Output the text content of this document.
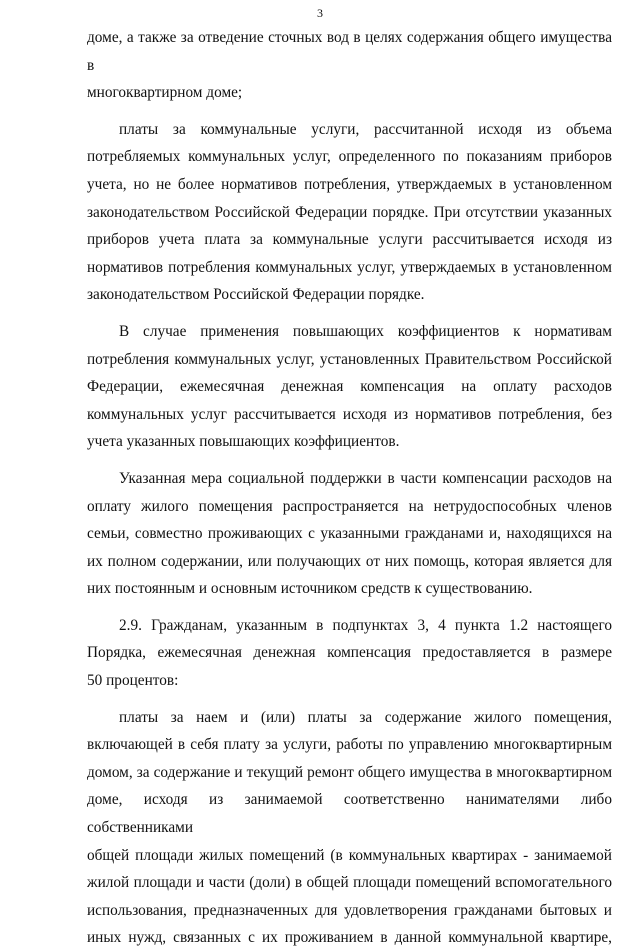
3

доме, а также за отведение сточных вод в целях содержания общего имущества в
многоквартирном доме;

платы за коммунальные услуги, рассчитанной исходя из объема
потребляемых коммунальных услуг, определенного по показаниям приборов
учета, но не более нормативов потребления, утверждаемых в установленном
законодательством Российской Федерации порядке. При отсутствии указанных
приборов учета плата за коммунальные услуги рассчитывается исходя из
нормативов потребления коммунальных услуг, утверждаемых в установленном
законодательством Российской Федерации порядке.

В случае применения повышающих коэффициентов к нормативам
потребления коммунальных услуг, установленных Правительством Российской
Федерации, ежемесячная денежная компенсация на оплату расходов
коммунальных услуг рассчитывается исходя из нормативов потребления, без
учета указанных повышающих коэффициентов.

Указанная мера социальной поддержки в части компенсации расходов на
оплату жилого помещения распространяется на нетрудоспособных членов
семьи, совместно проживающих с указанными гражданами и, находящихся на
их полном содержании, или получающих от них помощь, которая является для
них постоянным и основным источником средств к существованию.

2.9. Гражданам, указанным в подпунктах 3, 4 пункта 1.2 настоящего
Порядка, ежемесячная денежная компенсация предоставляется в размере
50 процентов:

платы за наем и (или) платы за содержание жилого помещения,
включающей в себя плату за услуги, работы по управлению многоквартирным
домом, за содержание и текущий ремонт общего имущества в многоквартирном
доме, исходя из занимаемой соответственно нанимателями либо собственниками
общей площади жилых помещений (в коммунальных квартирах - занимаемой
жилой площади и части (доли) в общей площади помещений вспомогательного
использования, предназначенных для удовлетворения гражданами бытовых и
иных нужд, связанных с их проживанием в данной коммунальной квартире,
